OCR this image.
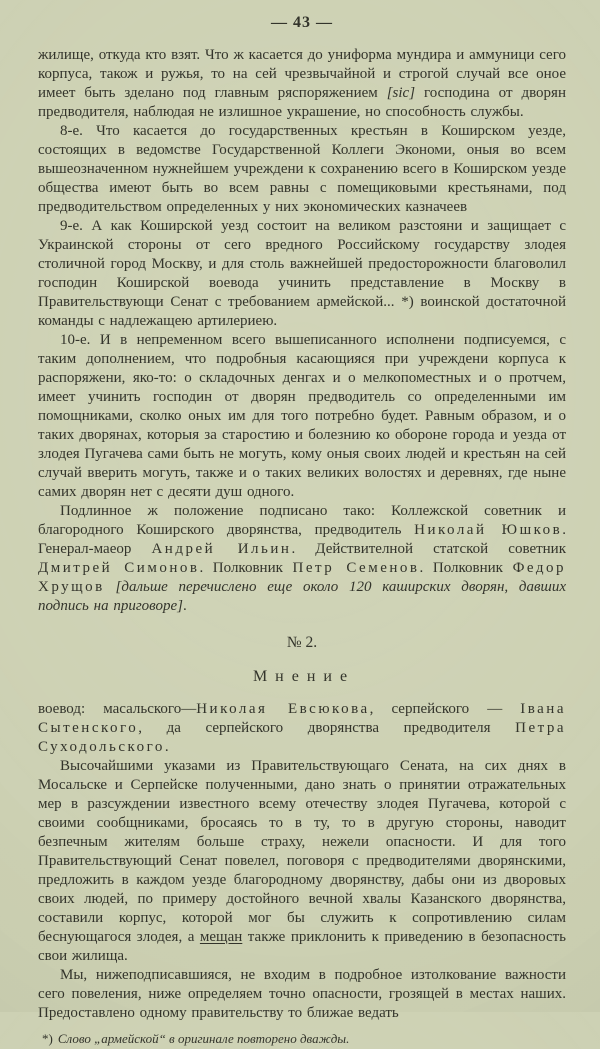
— 43 —

жилище, откуда кто взят. Что ж касается до униформа мундира и аммуници сего корпуса, також и ружья, то на сей чрезвычайной и строгой случай все оное имеет быть зделано под главным ряспоряжением [sic] господина от дворян предводителя, наблюдая не излишное украшение, но способность службы.

8-е. Что касается до государственных крестьян в Коширском уезде, состоящих в ведомстве Государственной Коллеги Экономи, оныя во всем вышеозначенном нужнейшем учреждени к сохранению всего в Коширском уезде общества имеют быть во всем равны с помещиковыми крестьянами, под предводительством определенных у них экономических казначеев

9-е. А как Коширской уезд состоит на великом разстояни и защищает с Украинской стороны от сего вредного Российскому государству злодея столичной город Москву, и для столь важнейшей предосторожности благоволил господин Коширской воевода учинить представление в Москву в Правительствующи Сенат с требованием армейской... *) воинской достаточной команды с надлежащею артилериею.

10-е. И в непременном всего вышеписанного исполнени подписуемся, с таким дополнением, что подробныя касающияся при учреждени корпуса к распоряжени, яко-то: о складочных денгах и о мелкопоместных и о протчем, имеет учинить господин от дворян предводитель со определенными им помощниками, сколко оных им для того потребно будет. Равным образом, и о таких дворянах, которыя за старостию и болезнию ко обороне города и уезда от злодея Пугачева сами быть не могуть, кому оныя своих людей и крестьян на сей случай вверить могуть, также и о таких великих волостях и деревнях, где ныне самих дворян нет с десяти душ одного.

Подлинное ж положение подписано тако: Коллежской советник и благородного Коширского дворянства, предводитель Николай Юшков. Генерал-маеор Андрей Ильин. Действителной статской советник Дмитрей Симонов. Полковник Петр Семенов. Полковник Федор Хрущов [дальше перечислено еще около 120 каширских дворян, давших подпись на приговоре].

№ 2.
Мнение

воевод: масальского—Николая Евсюкова, серпейского — Iвана Сытенского, да серпейского дворянства предводителя Петра Суходольского.

Высочайшими указами из Правительствующаго Сената, на сих днях в Мосальске и Серпейске полученными, дано знать о принятии отражательных мер в разсуждении известного всему отечеству злодея Пугачева, которой с своими сообщниками, бросаясь то в ту, то в другую стороны, наводит безпечным жителям больше страху, нежели опасности. И для того Правительствующий Сенат повелел, поговоря с предводителями дворянскими, предложить в каждом уезде благородному дворянству, дабы они из дворовых своих людей, по примеру достойного вечной хвалы Казанского дворянства, составили корпус, которой мог бы служить к сопротивлению силам беснующагося злодея, а мещан также приклонить к приведению в безопасность свои жилища.

Мы, нижеподписавшияся, не входим в подробное изтолкование важности сего повеления, ниже определяем точно опасности, грозящей в местах наших. Предоставлено одному правительству то ближае ведать

*) Слово „армейской“ в оригинале повторено дважды.
